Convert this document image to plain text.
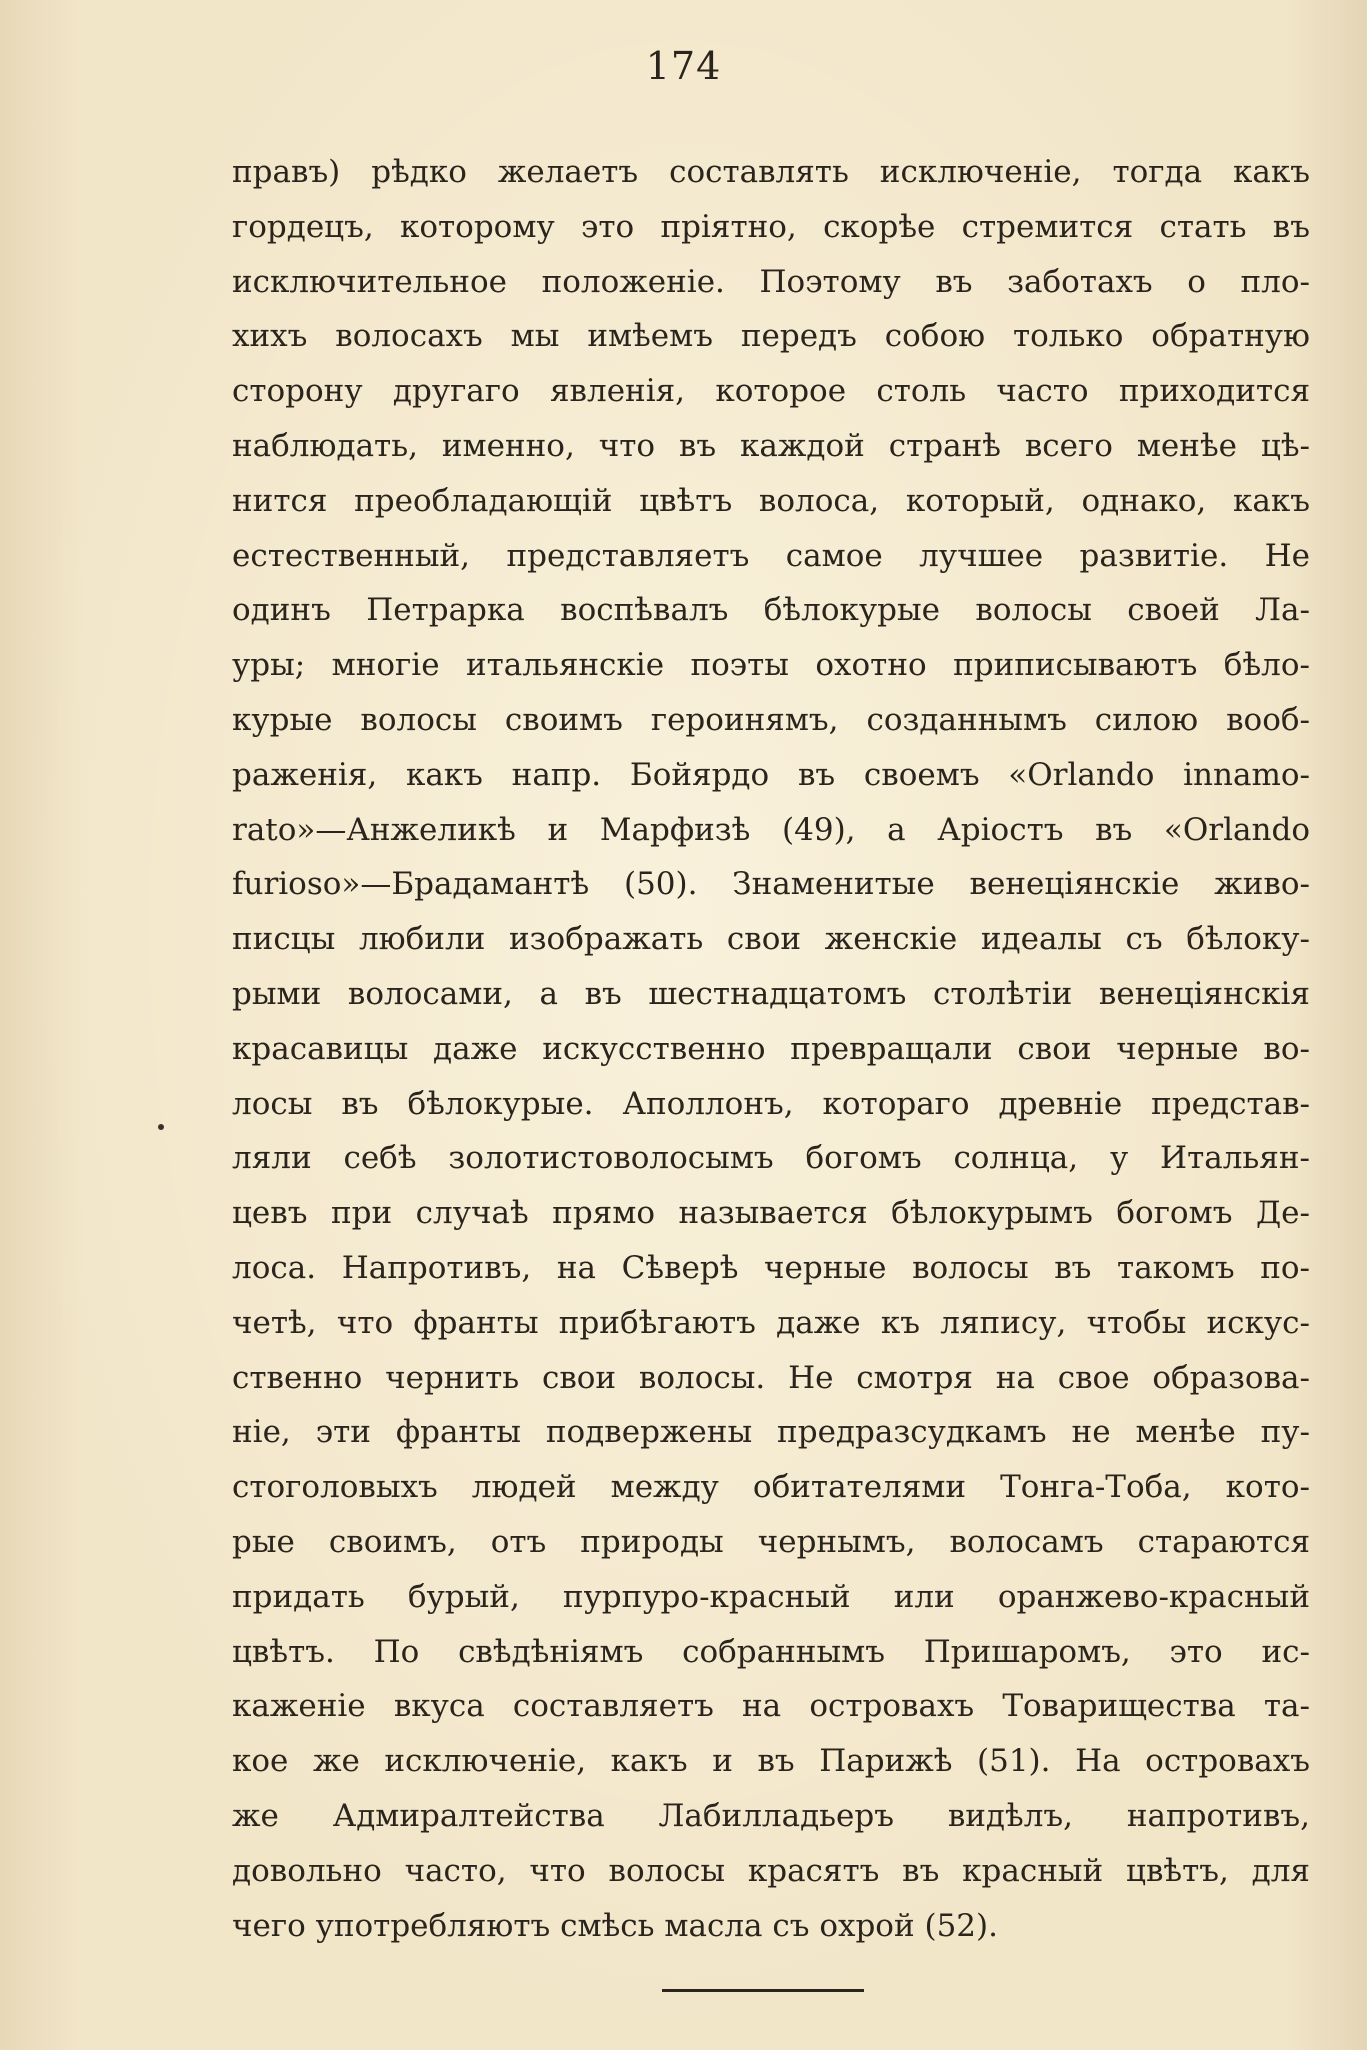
174
правъ) рѣдко желаетъ составлять исключенiе, тогда какъ
гордецъ, которому это прiятно, скорѣе стремится стать въ
исключительное положенiе. Поэтому въ заботахъ о пло-
хихъ волосахъ мы имѣемъ передъ собою только обратную
сторону другаго явленiя, которое столь часто приходится
наблюдать, именно, что въ каждой странѣ всего менѣе цѣ-
нится преобладающiй цвѣтъ волоса, который, однако, какъ
естественный, представляетъ самое лучшее развитiе. Не
одинъ Петрарка воспѣвалъ бѣлокурые волосы своей Ла-
уры; многiе итальянскiе поэты охотно приписываютъ бѣло-
курые волосы своимъ героинямъ, созданнымъ силою вооб-
раженiя, какъ напр. Бойярдо въ своемъ «Orlando innamo-
rato»—Анжеликѣ и Марфизѣ (49), а Арiостъ въ «Orlando
furioso»—Брадамантѣ (50). Знаменитые венецiянскiе живо-
писцы любили изображать свои женскiе идеалы съ бѣлоку-
рыми волосами, а въ шестнадцатомъ столѣтiи венецiянскiя
красавицы даже искусственно превращали свои черные во-
лосы въ бѣлокурые. Аполлонъ, котораго древнiе представ-
ляли себѣ золотистоволосымъ богомъ солнца, у Итальян-
цевъ при случаѣ прямо называется бѣлокурымъ богомъ Де-
лоса. Напротивъ, на Сѣверѣ черные волосы въ такомъ по-
четѣ, что франты прибѣгаютъ даже къ ляпису, чтобы искус-
ственно чернить свои волосы. Не смотря на свое образова-
нiе, эти франты подвержены предразсудкамъ не менѣе пу-
стоголовыхъ людей между обитателями Тонга-Тоба, кото-
рые своимъ, отъ природы чернымъ, волосамъ стараются
придать бурый, пурпуро-красный или оранжево-красный
цвѣтъ. По свѣдѣнiямъ собраннымъ Пришаромъ, это ис-
каженiе вкуса составляетъ на островахъ Товарищества та-
кое же исключенiе, какъ и въ Парижѣ (51). На островахъ
же Адмиралтейства Лабилладьеръ видѣлъ, напротивъ,
довольно часто, что волосы красятъ въ красный цвѣтъ, для
чего употребляютъ смѣсь масла съ охрой (52).
